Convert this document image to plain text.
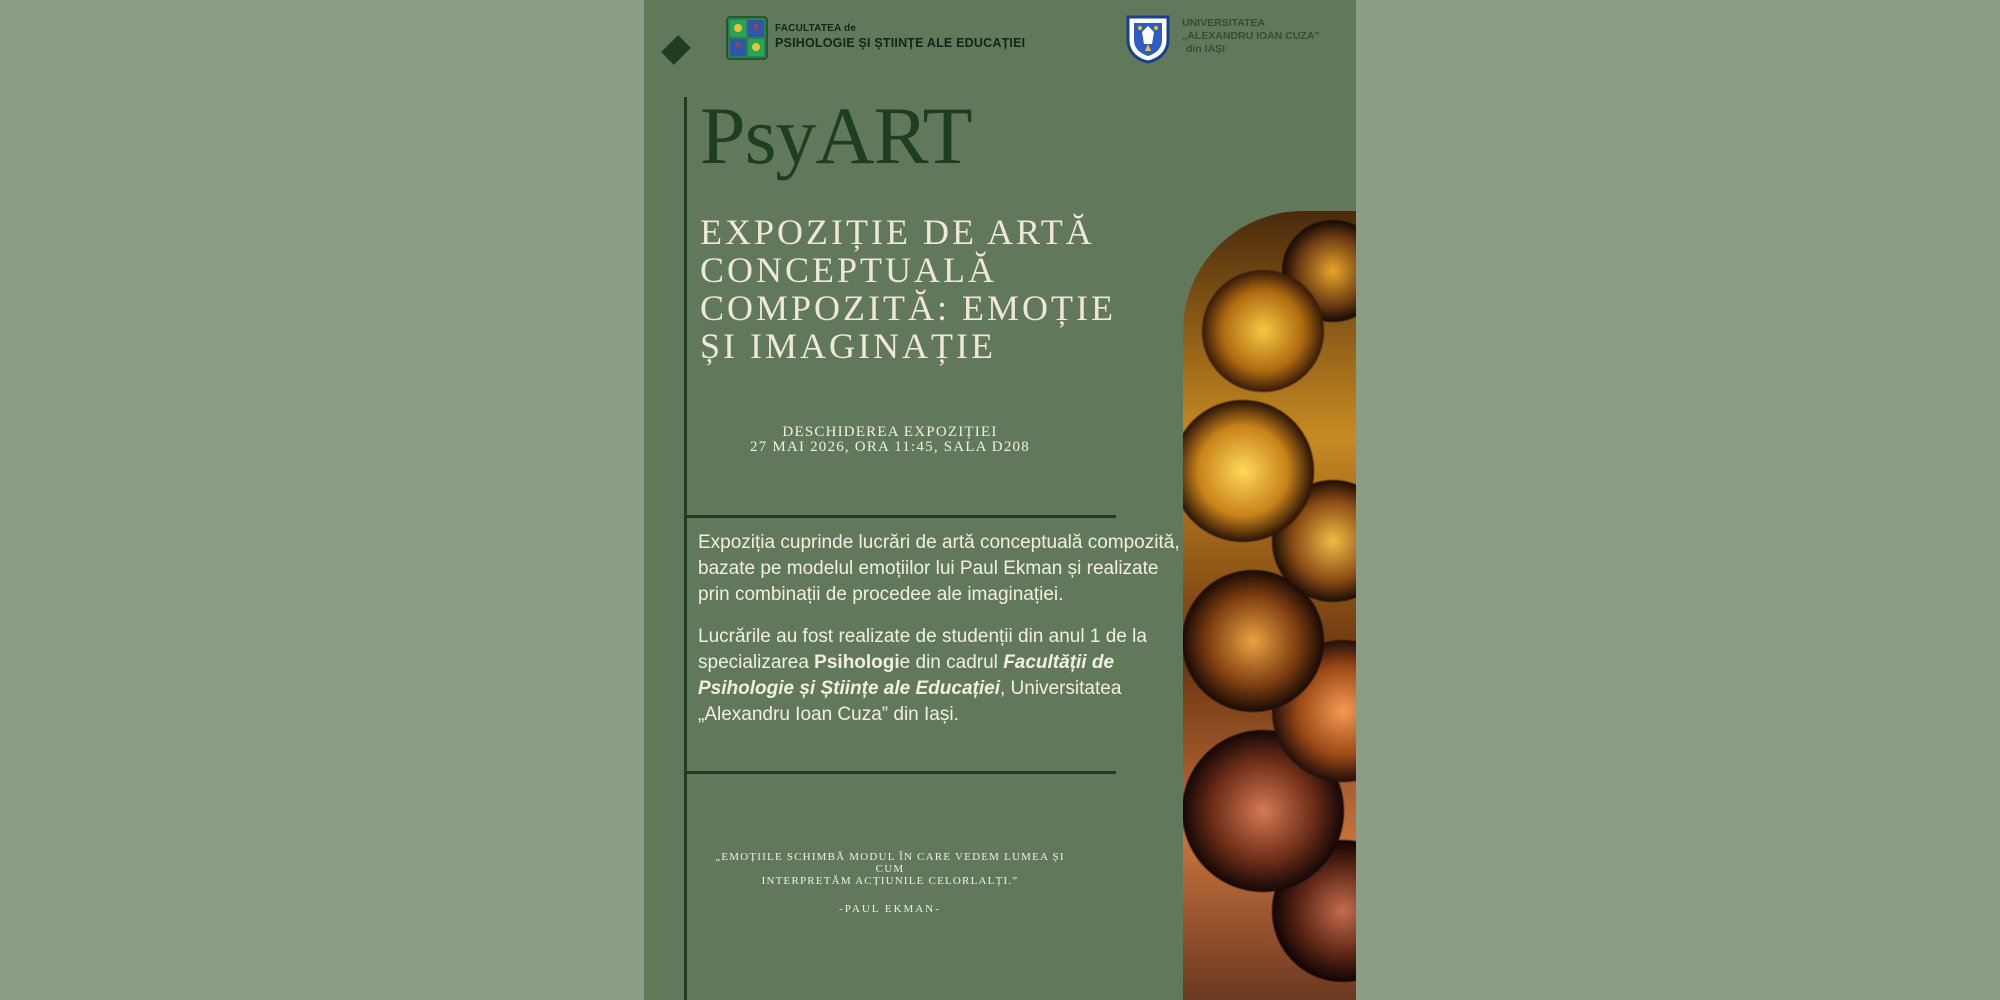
FACULTATEA de
PSIHOLOGIE ȘI ȘTIINȚE ALE EDUCAȚIEI
UNIVERSITATEA
„ALEXANDRU IOAN CUZA”
din IAȘI
PsyART
EXPOZIȚIE DE ARTĂ CONCEPTUALĂ COMPOZITĂ: EMOȚIE ȘI IMAGINAȚIE
DESCHIDEREA EXPOZIȚIEI
27 MAI 2026, ORA 11:45, SALA D208

Expoziția cuprinde lucrări de artă conceptuală compozită, bazate pe modelul emoțiilor lui Paul Ekman și realizate prin combinații de procedee ale imaginației.

Lucrările au fost realizate de studenții din anul 1 de la specializarea Psihologie din cadrul Facultății de Psihologie și Științe ale Educației, Universitatea „Alexandru Ioan Cuza” din Iași.

„EMOȚIILE SCHIMBĂ MODUL ÎN CARE VEDEM LUMEA ȘI CUM
INTERPRETĂM ACȚIUNILE CELORLALȚI.”
-PAUL EKMAN-
